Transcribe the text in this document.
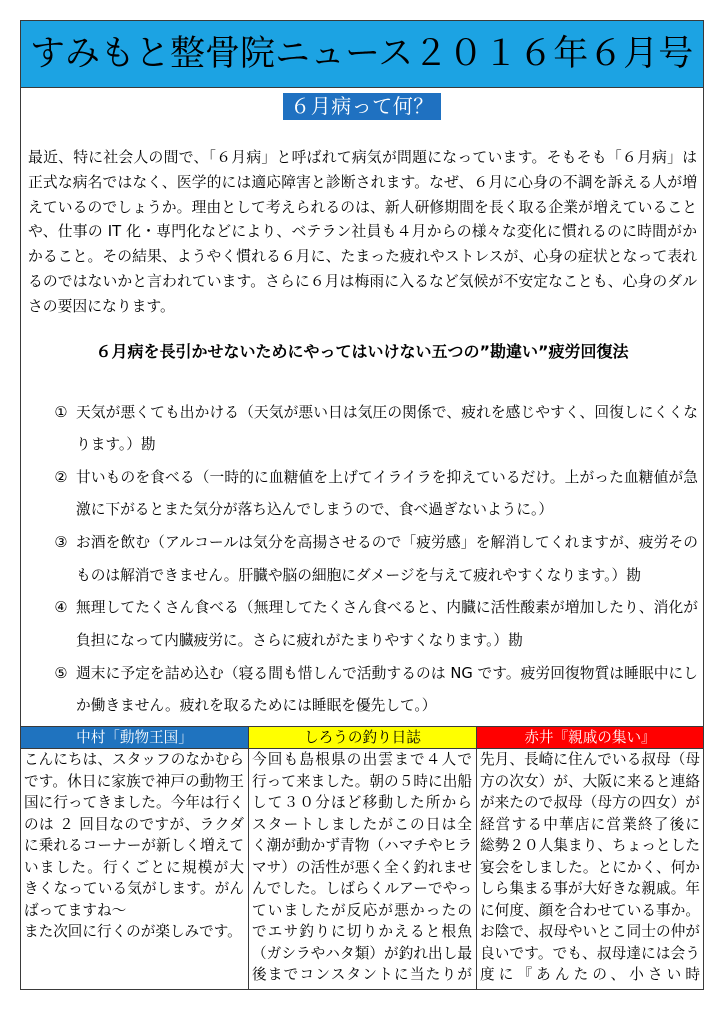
すみもと整骨院ニュース２０１６年６月号
６月病って何？
最近、特に社会人の間で、「６月病」と呼ばれて病気が問題になっています。そもそも「６月病」は
正式な病名ではなく、医学的には適応障害と診断されます。なぜ、６月に心身の不調を訴える人が増
えているのでしょうか。理由として考えられるのは、新人研修期間を長く取る企業が増えていること
や、仕事の IT 化・専門化などにより、ベテラン社員も４月からの様々な変化に慣れるのに時間がか
かること。その結果、ようやく慣れる６月に、たまった疲れやストレスが、心身の症状となって表れ
るのではないかと言われています。さらに６月は梅雨に入るなど気候が不安定なことも、心身のダル
さの要因になります。
６月病を長引かせないためにやってはいけない五つの”勘違い”疲労回復法
① 天気が悪くても出かける（天気が悪い日は気圧の関係で、疲れを感じやすく、回復しにくくな
ります。）勘
② 甘いものを食べる（一時的に血糖値を上げてイライラを抑えているだけ。上がった血糖値が急
激に下がるとまた気分が落ち込んでしまうので、食べ過ぎないように。）
③ お酒を飲む（アルコールは気分を高揚させるので「疲労感」を解消してくれますが、疲労その
ものは解消できません。肝臓や脳の細胞にダメージを与えて疲れやすくなります。）勘
④ 無理してたくさん食べる（無理してたくさん食べると、内臓に活性酸素が増加したり、消化が
負担になって内臓疲労に。さらに疲れがたまりやすくなります。）勘
⑤ 週末に予定を詰め込む（寝る間も惜しんで活動するのは NG です。疲労回復物質は睡眠中にし
か働きません。疲れを取るためには睡眠を優先して。）
中村「動物王国」
こんにちは、スタッフのなかむら
です。休日に家族で神戸の動物王
国に行ってきました。今年は行く
のは ２ 回目なのですが、ラクダ
に乗れるコーナーが新しく増えて
いました。行くごとに規模が大
きくなっている気がします。がん
ばってますね～
また次回に行くのが楽しみです。
しろうの釣り日誌
今回も島根県の出雲まで４人で
行って来ました。朝の５時に出船
して３０分ほど移動した所から
スタートしましたがこの日は全
く潮が動かず青物（ハマチやヒラ
マサ）の活性が悪く全く釣れませ
んでした。しばらくルアーでやっ
ていましたが反応が悪かったの
でエサ釣りに切りかえると根魚
（ガシラやハタ類）が釣れ出し最
後までコンスタントに当たりが
赤井『親戚の集い』
先月、長崎に住んでいる叔母（母
方の次女）が、大阪に来ると連絡
が来たので叔母（母方の四女）が
経営する中華店に営業終了後に
総勢２０人集まり、ちょっとした
宴会をしました。とにかく、何か
しら集まる事が大好きな親戚。年
に何度、顔を合わせている事か。
お陰で、叔母やいとこ同士の仲が
良いです。でも、叔母達には会う
度に『あんたの、小さい時
